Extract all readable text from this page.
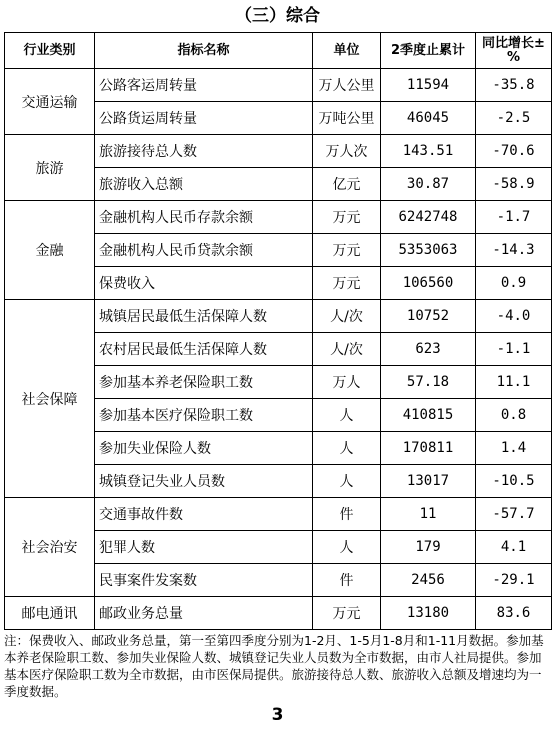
（三）综合
行业类别	指标名称	单位	2季度止累计	同比增长±%
交通运输	公路客运周转量	万人公里	11594	-35.8
	公路货运周转量	万吨公里	46045	-2.5
旅游	旅游接待总人数	万人次	143.51	-70.6
	旅游收入总额	亿元	30.87	-58.9
金融	金融机构人民币存款余额	万元	6242748	-1.7
	金融机构人民币贷款余额	万元	5353063	-14.3
	保费收入	万元	106560	0.9
社会保障	城镇居民最低生活保障人数	人/次	10752	-4.0
	农村居民最低生活保障人数	人/次	623	-1.1
	参加基本养老保险职工数	万人	57.18	11.1
	参加基本医疗保险职工数	人	410815	0.8
	参加失业保险人数	人	170811	1.4
	城镇登记失业人员数	人	13017	-10.5
社会治安	交通事故件数	件	11	-57.7
	犯罪人数	人	179	4.1
	民事案件发案数	件	2456	-29.1
邮电通讯	邮政业务总量	万元	13180	83.6
注：保费收入、邮政业务总量，第一至第四季度分别为1-2月、1-5月1-8月和1-11月数据。参加基本养老保险职工数、参加失业保险人数、城镇登记失业人员数为全市数据，由市人社局提供。参加基本医疗保险职工数为全市数据，由市医保局提供。旅游接待总人数、旅游收入总额及增速均为一季度数据。
3
